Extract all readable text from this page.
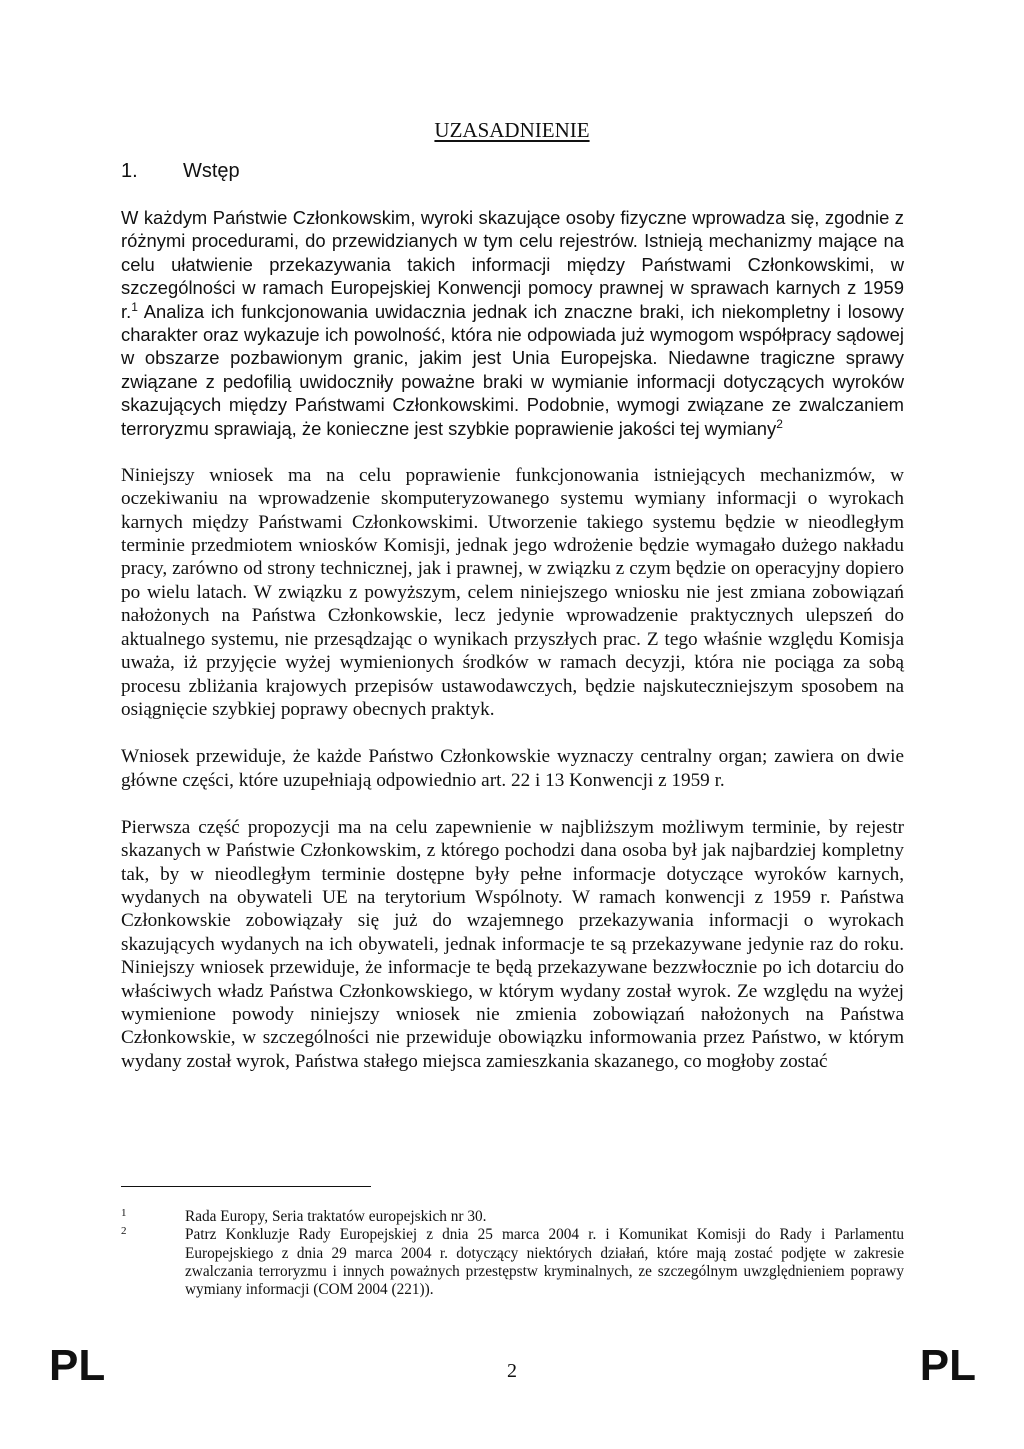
UZASADNIENIE
1. Wstęp

W każdym Państwie Członkowskim, wyroki skazujące osoby fizyczne wprowadza się, zgodnie z różnymi procedurami, do przewidzianych w tym celu rejestrów. Istnieją mechanizmy mające na celu ułatwienie przekazywania takich informacji między Państwami Członkowskimi, w szczególności w ramach Europejskiej Konwencji pomocy prawnej w sprawach karnych z 1959 r.$^1$ Analiza ich funkcjonowania uwidacznia jednak ich znaczne braki, ich niekompletny i losowy charakter oraz wykazuje ich powolność, która nie odpowiada już wymogom współpracy sądowej w obszarze pozbawionym granic, jakim jest Unia Europejska. Niedawne tragiczne sprawy związane z pedofilią uwidoczniły poważne braki w wymianie informacji dotyczących wyroków skazujących między Państwami Członkowskimi. Podobnie, wymogi związane ze zwalczaniem terroryzmu sprawiają, że konieczne jest szybkie poprawienie jakości tej wymiany$^2$

Niniejszy wniosek ma na celu poprawienie funkcjonowania istniejących mechanizmów, w oczekiwaniu na wprowadzenie skomputeryzowanego systemu wymiany informacji o wyrokach karnych między Państwami Członkowskimi. Utworzenie takiego systemu będzie w nieodległym terminie przedmiotem wniosków Komisji, jednak jego wdrożenie będzie wymagało dużego nakładu pracy, zarówno od strony technicznej, jak i prawnej, w związku z czym będzie on operacyjny dopiero po wielu latach. W związku z powyższym, celem niniejszego wniosku nie jest zmiana zobowiązań nałożonych na Państwa Członkowskie, lecz jedynie wprowadzenie praktycznych ulepszeń do aktualnego systemu, nie przesądzając o wynikach przyszłych prac. Z tego właśnie względu Komisja uważa, iż przyjęcie wyżej wymienionych środków w ramach decyzji, która nie pociąga za sobą procesu zbliżania krajowych przepisów ustawodawczych, będzie najskuteczniejszym sposobem na osiągnięcie szybkiej poprawy obecnych praktyk.

Wniosek przewiduje, że każde Państwo Członkowskie wyznaczy centralny organ; zawiera on dwie główne części, które uzupełniają odpowiednio art. 22 i 13 Konwencji z 1959 r.

Pierwsza część propozycji ma na celu zapewnienie w najbliższym możliwym terminie, by rejestr skazanych w Państwie Członkowskim, z którego pochodzi dana osoba był jak najbardziej kompletny tak, by w nieodległym terminie dostępne były pełne informacje dotyczące wyroków karnych, wydanych na obywateli UE na terytorium Wspólnoty. W ramach konwencji z 1959 r. Państwa Członkowskie zobowiązały się już do wzajemnego przekazywania informacji o wyrokach skazujących wydanych na ich obywateli, jednak informacje te są przekazywane jedynie raz do roku. Niniejszy wniosek przewiduje, że informacje te będą przekazywane bezzwłocznie po ich dotarciu do właściwych władz Państwa Członkowskiego, w którym wydany został wyrok. Ze względu na wyżej wymienione powody niniejszy wniosek nie zmienia zobowiązań nałożonych na Państwa Członkowskie, w szczególności nie przewiduje obowiązku informowania przez Państwo, w którym wydany został wyrok, Państwa stałego miejsca zamieszkania skazanego, co mogłoby zostać

1	Rada Europy, Seria traktatów europejskich nr 30.
2	Patrz Konkluzje Rady Europejskiej z dnia 25 marca 2004 r. i Komunikat Komisji do Rady i Parlamentu Europejskiego z dnia 29 marca 2004 r. dotyczący niektórych działań, które mają zostać podjęte w zakresie zwalczania terroryzmu i innych poważnych przestępstw kryminalnych, ze szczególnym uwzględnieniem poprawy wymiany informacji (COM 2004 (221)).
PL	2	PL
